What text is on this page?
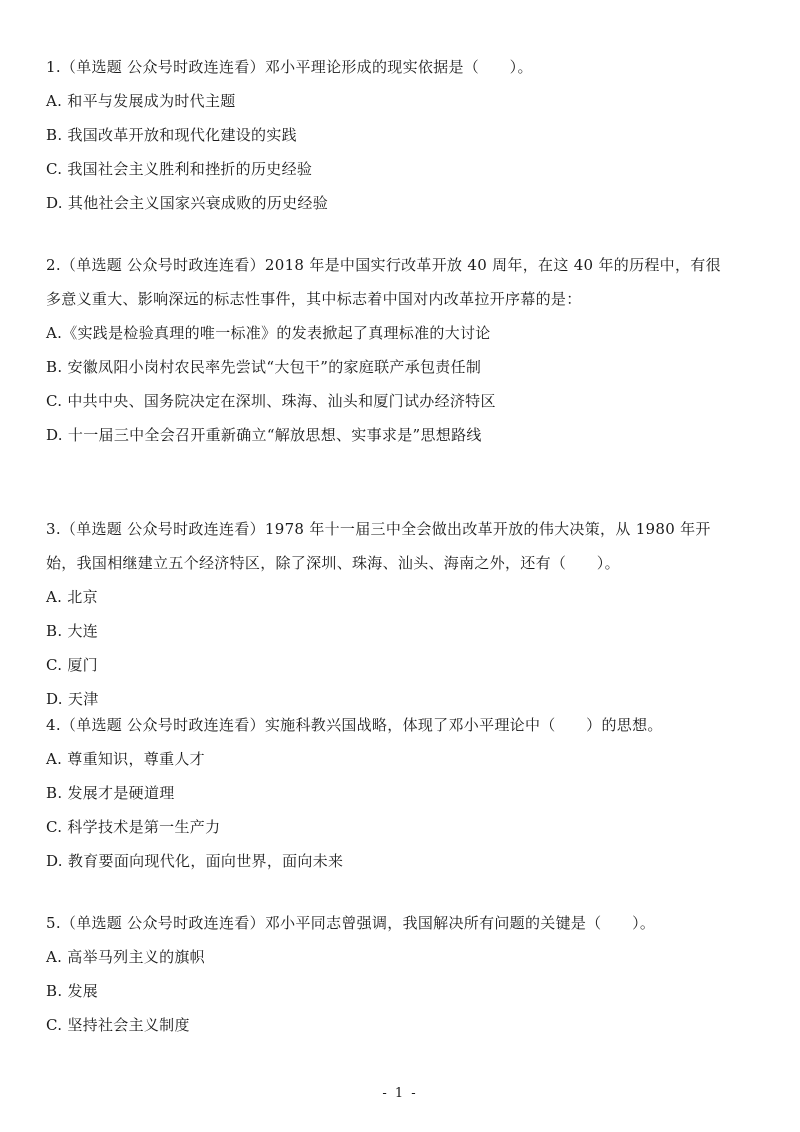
1.（单选题 公众号时政连连看）邓小平理论形成的现实依据是（　　）。
A. 和平与发展成为时代主题
B. 我国改革开放和现代化建设的实践
C. 我国社会主义胜利和挫折的历史经验
D. 其他社会主义国家兴衰成败的历史经验
2.（单选题 公众号时政连连看）2018 年是中国实行改革开放 40 周年，在这 40 年的历程中，有很
多意义重大、影响深远的标志性事件，其中标志着中国对内改革拉开序幕的是：
A.《实践是检验真理的唯一标准》的发表掀起了真理标准的大讨论
B. 安徽凤阳小岗村农民率先尝试“大包干”的家庭联产承包责任制
C. 中共中央、国务院决定在深圳、珠海、汕头和厦门试办经济特区
D. 十一届三中全会召开重新确立“解放思想、实事求是”思想路线
3.（单选题 公众号时政连连看）1978 年十一届三中全会做出改革开放的伟大决策，从 1980 年开
始，我国相继建立五个经济特区，除了深圳、珠海、汕头、海南之外，还有（　　）。
A. 北京
B. 大连
C. 厦门
D. 天津
4.（单选题 公众号时政连连看）实施科教兴国战略，体现了邓小平理论中（　　）的思想。
A. 尊重知识，尊重人才
B. 发展才是硬道理
C. 科学技术是第一生产力
D. 教育要面向现代化，面向世界，面向未来
5.（单选题 公众号时政连连看）邓小平同志曾强调，我国解决所有问题的关键是（　　）。
A. 高举马列主义的旗帜
B. 发展
C. 坚持社会主义制度
- 1 -
